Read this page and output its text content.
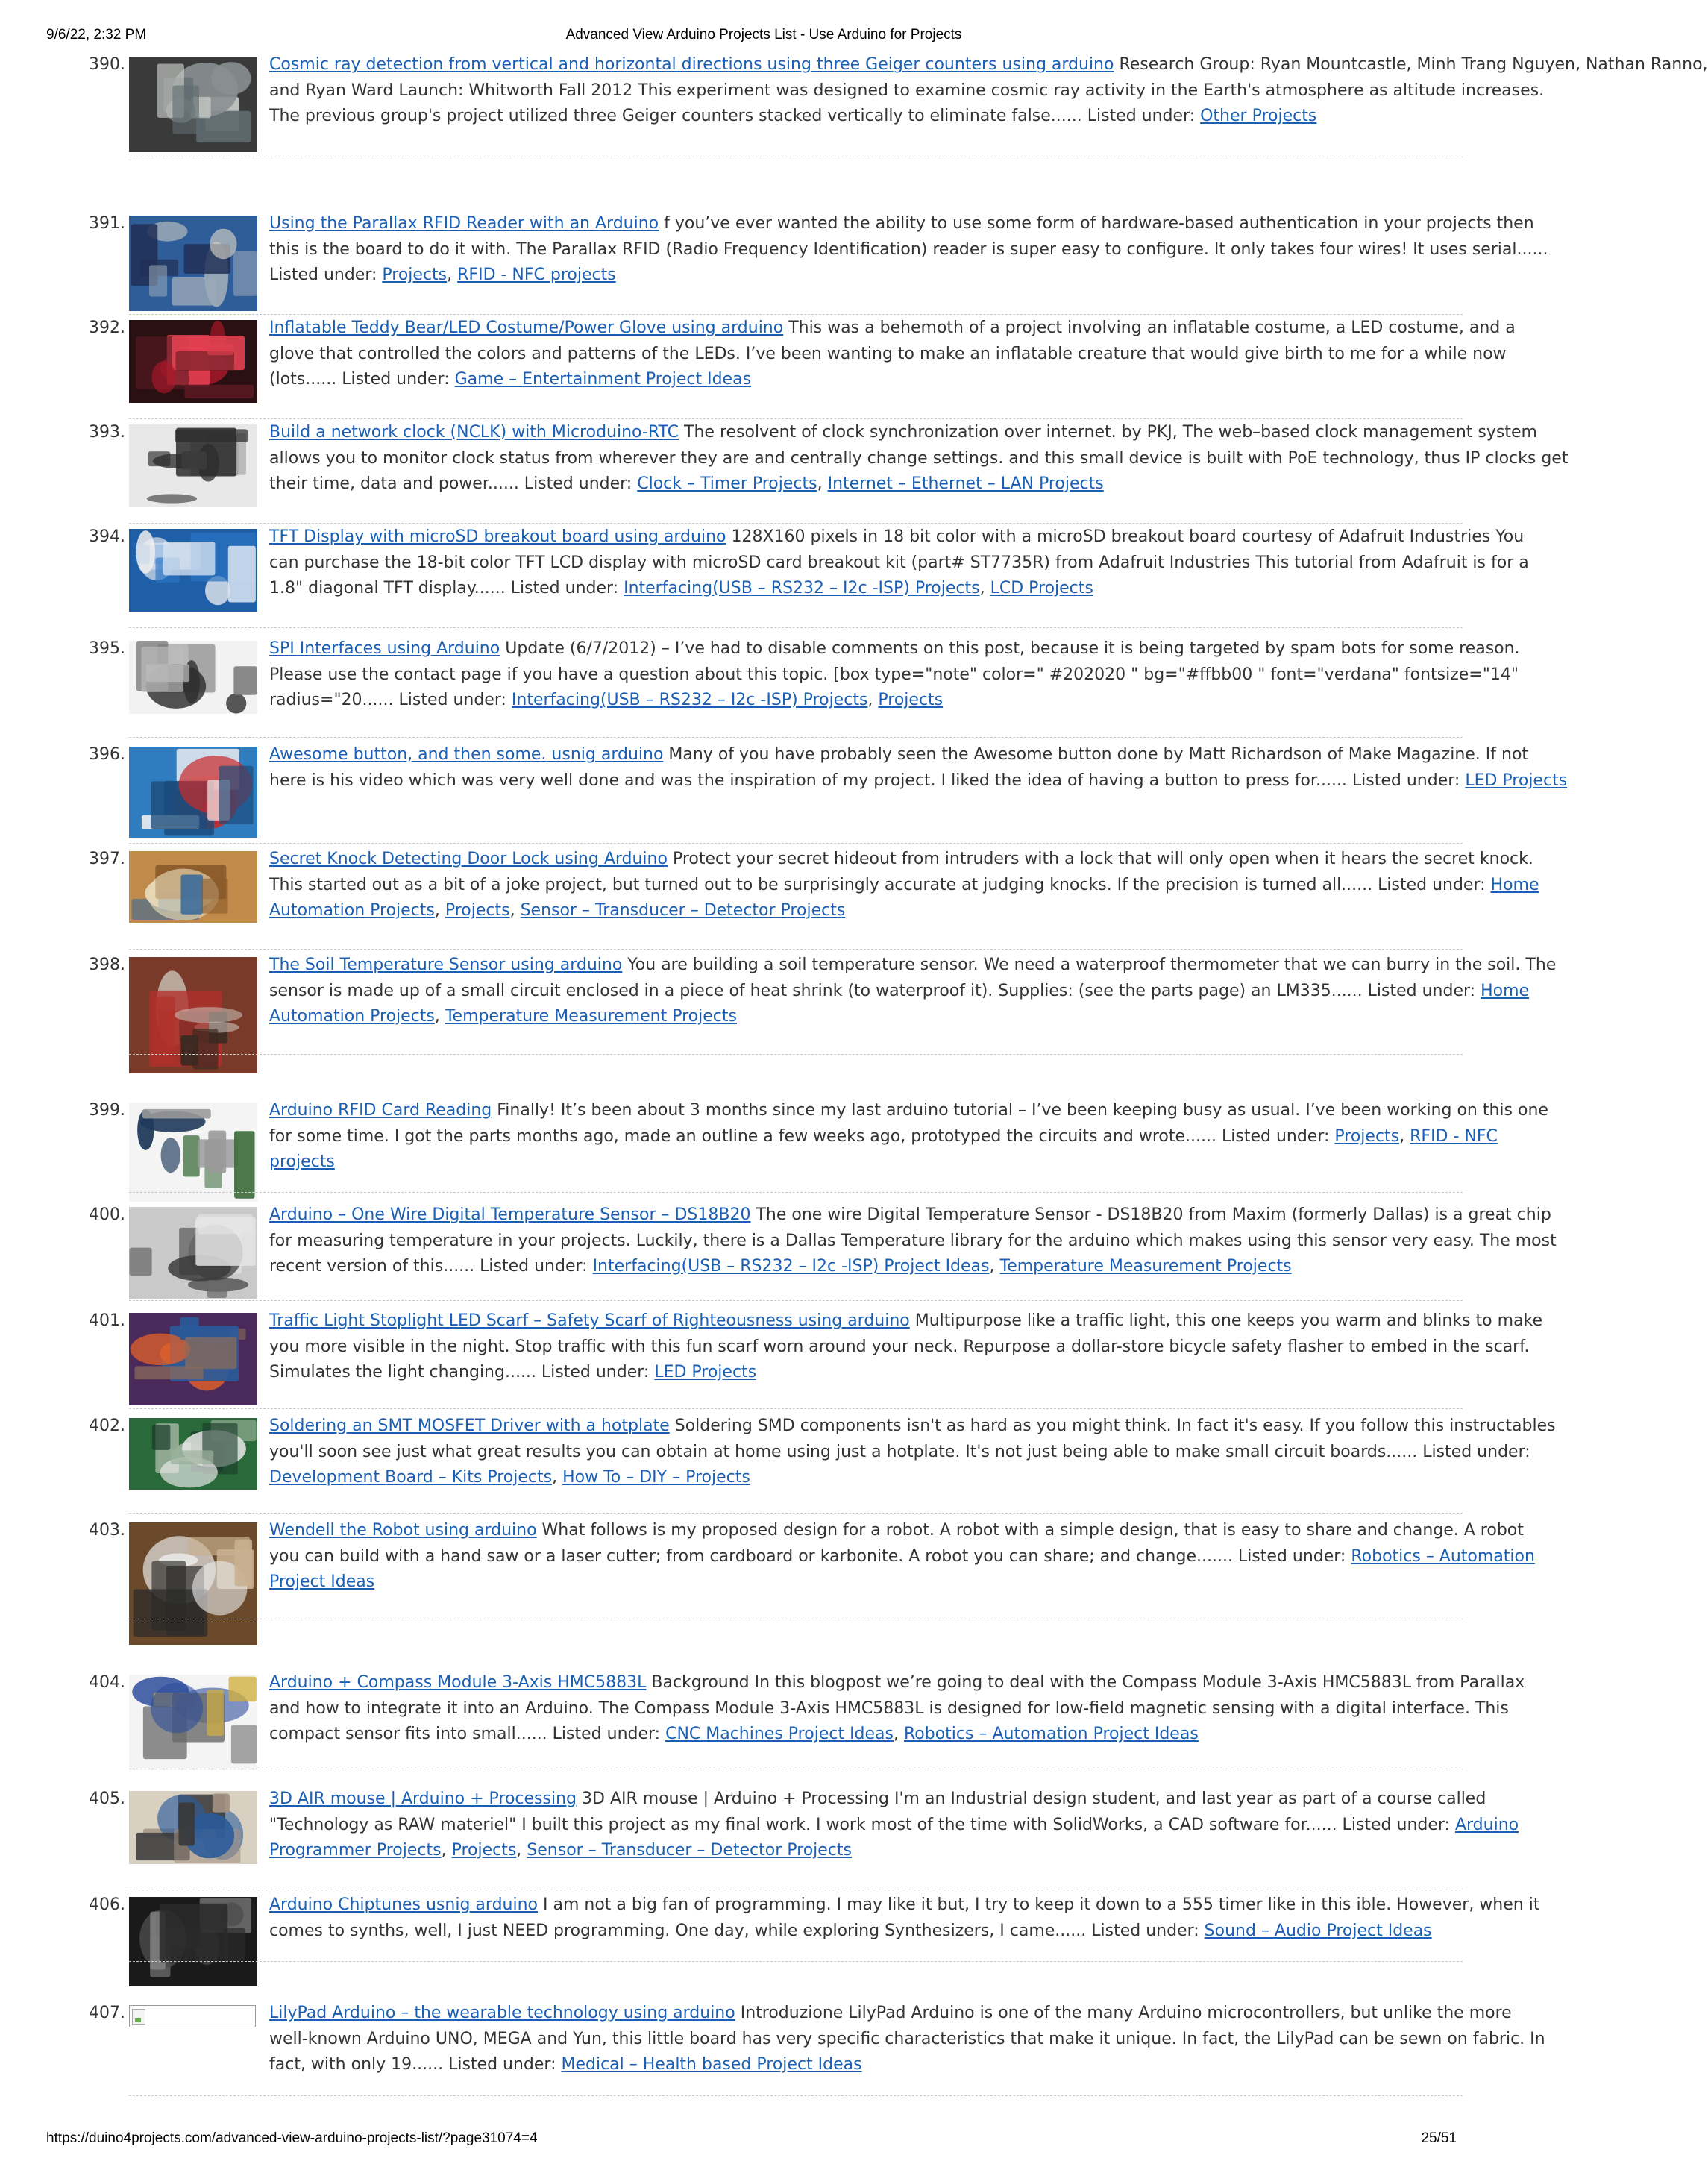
9/6/22, 2:32 PM	Advanced View Arduino Projects List - Use Arduino for Projects
390.	Cosmic ray detection from vertical and horizontal directions using three Geiger counters using arduino Research Group: Ryan Mountcastle, Minh Trang Nguyen, Nathan Ranno,
and Ryan Ward Launch: Whitworth Fall 2012 This experiment was designed to examine cosmic ray activity in the Earth's atmosphere as altitude increases.
The previous group's project utilized three Geiger counters stacked vertically to eliminate false...... Listed under: Other Projects
391.	Using the Parallax RFID Reader with an Arduino f you’ve ever wanted the ability to use some form of hardware-based authentication in your projects then
this is the board to do it with. The Parallax RFID (Radio Frequency Identification) reader is super easy to configure. It only takes four wires! It uses serial......
Listed under: Projects, RFID - NFC projects
392.	Inflatable Teddy Bear/LED Costume/Power Glove using arduino This was a behemoth of a project involving an inflatable costume, a LED costume, and a
glove that controlled the colors and patterns of the LEDs. I’ve been wanting to make an inflatable creature that would give birth to me for a while now
(lots...... Listed under: Game – Entertainment Project Ideas
393.	Build a network clock (NCLK) with Microduino-RTC The resolvent of clock synchronization over internet. by PKJ, The web–based clock management system
allows you to monitor clock status from wherever they are and centrally change settings. and this small device is built with PoE technology, thus IP clocks get
their time, data and power...... Listed under: Clock – Timer Projects, Internet – Ethernet – LAN Projects
394.	TFT Display with microSD breakout board using arduino 128X160 pixels in 18 bit color with a microSD breakout board courtesy of Adafruit Industries You
can purchase the 18-bit color TFT LCD display with microSD card breakout kit (part# ST7735R) from Adafruit Industries This tutorial from Adafruit is for a
1.8" diagonal TFT display...... Listed under: Interfacing(USB – RS232 – I2c -ISP) Projects, LCD Projects
395.	SPI Interfaces using Arduino Update (6/7/2012) – I’ve had to disable comments on this post, because it is being targeted by spam bots for some reason.
Please use the contact page if you have a question about this topic. [box type="note" color=" #202020 " bg="#ffbb00 " font="verdana" fontsize="14"
radius="20...... Listed under: Interfacing(USB – RS232 – I2c -ISP) Projects, Projects
396.	Awesome button, and then some. usnig arduino Many of you have probably seen the Awesome button done by Matt Richardson of Make Magazine. If not
here is his video which was very well done and was the inspiration of my project. I liked the idea of having a button to press for...... Listed under: LED Projects
397.	Secret Knock Detecting Door Lock using Arduino Protect your secret hideout from intruders with a lock that will only open when it hears the secret knock.
This started out as a bit of a joke project, but turned out to be surprisingly accurate at judging knocks. If the precision is turned all...... Listed under: Home
Automation Projects, Projects, Sensor – Transducer – Detector Projects
398.	The Soil Temperature Sensor using arduino You are building a soil temperature sensor. We need a waterproof thermometer that we can burry in the soil. The
sensor is made up of a small circuit enclosed in a piece of heat shrink (to waterproof it). Supplies: (see the parts page) an LM335...... Listed under: Home
Automation Projects, Temperature Measurement Projects
399.	Arduino RFID Card Reading Finally! It’s been about 3 months since my last arduino tutorial – I’ve been keeping busy as usual. I’ve been working on this one
for some time. I got the parts months ago, made an outline a few weeks ago, prototyped the circuits and wrote...... Listed under: Projects, RFID - NFC
projects
400.	Arduino – One Wire Digital Temperature Sensor – DS18B20 The one wire Digital Temperature Sensor - DS18B20 from Maxim (formerly Dallas) is a great chip
for measuring temperature in your projects. Luckily, there is a Dallas Temperature library for the arduino which makes using this sensor very easy. The most
recent version of this...... Listed under: Interfacing(USB – RS232 – I2c -ISP) Project Ideas, Temperature Measurement Projects
401.	Traffic Light Stoplight LED Scarf – Safety Scarf of Righteousness using arduino Multipurpose like a traffic light, this one keeps you warm and blinks to make
you more visible in the night. Stop traffic with this fun scarf worn around your neck. Repurpose a dollar-store bicycle safety flasher to embed in the scarf.
Simulates the light changing...... Listed under: LED Projects
402.	Soldering an SMT MOSFET Driver with a hotplate Soldering SMD components isn't as hard as you might think. In fact it's easy. If you follow this instructables
you'll soon see just what great results you can obtain at home using just a hotplate. It's not just being able to make small circuit boards...... Listed under:
Development Board – Kits Projects, How To – DIY – Projects
403.	Wendell the Robot using arduino What follows is my proposed design for a robot. A robot with a simple design, that is easy to share and change. A robot
you can build with a hand saw or a laser cutter; from cardboard or karbonite. A robot you can share; and change....... Listed under: Robotics – Automation
Project Ideas
404.	Arduino + Compass Module 3-Axis HMC5883L Background In this blogpost we’re going to deal with the Compass Module 3-Axis HMC5883L from Parallax
and how to integrate it into an Arduino. The Compass Module 3-Axis HMC5883L is designed for low-field magnetic sensing with a digital interface. This
compact sensor fits into small...... Listed under: CNC Machines Project Ideas, Robotics – Automation Project Ideas
405.	3D AIR mouse | Arduino + Processing 3D AIR mouse | Arduino + Processing I'm an Industrial design student, and last year as part of a course called
"Technology as RAW materiel" I built this project as my final work. I work most of the time with SolidWorks, a CAD software for...... Listed under: Arduino
Programmer Projects, Projects, Sensor – Transducer – Detector Projects
406.	Arduino Chiptunes usnig arduino I am not a big fan of programming. I may like it but, I try to keep it down to a 555 timer like in this ible. However, when it
comes to synths, well, I just NEED programming. One day, while exploring Synthesizers, I came...... Listed under: Sound – Audio Project Ideas
407.	LilyPad Arduino – the wearable technology using arduino Introduzione LilyPad Arduino is one of the many Arduino microcontrollers, but unlike the more
well-known Arduino UNO, MEGA and Yun, this little board has very specific characteristics that make it unique. In fact, the LilyPad can be sewn on fabric. In
fact, with only 19...... Listed under: Medical – Health based Project Ideas
https://duino4projects.com/advanced-view-arduino-projects-list/?page31074=4	25/51
